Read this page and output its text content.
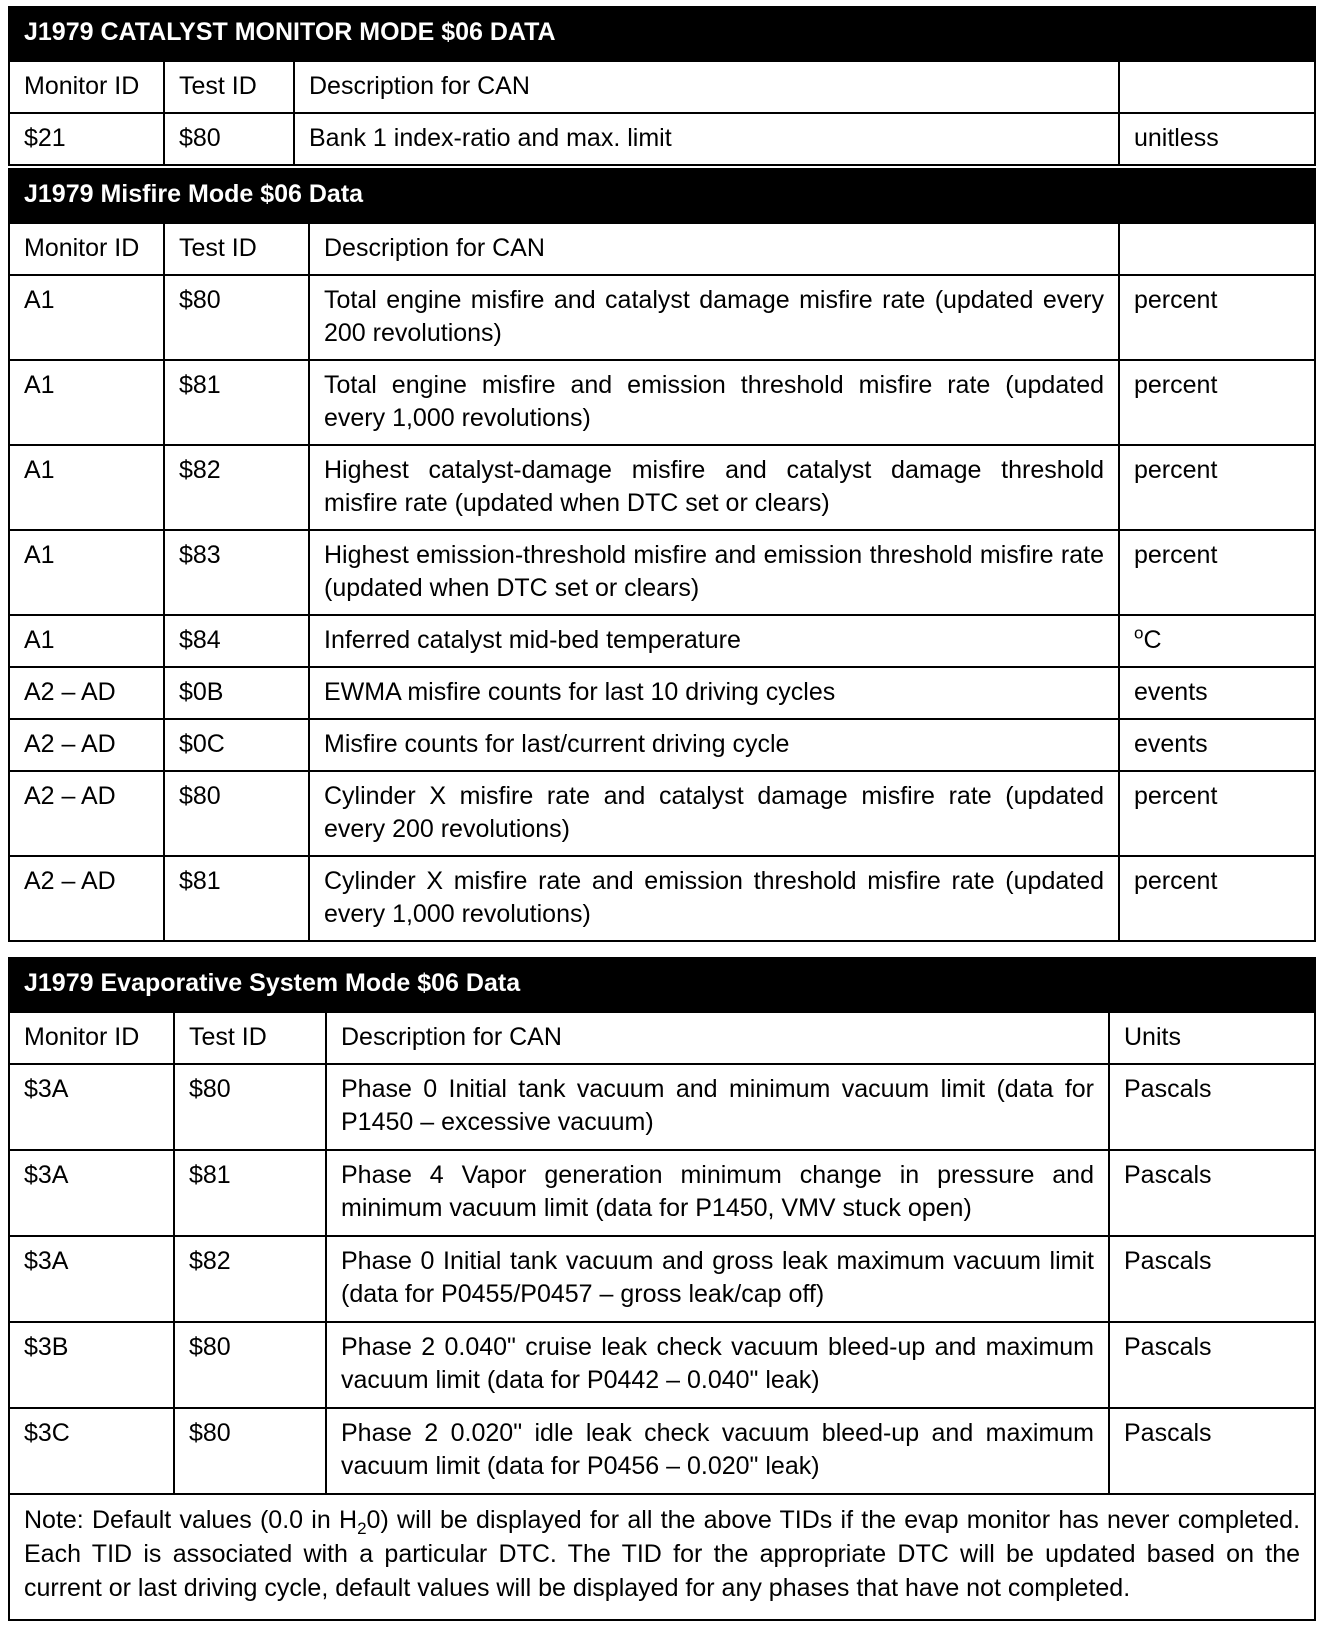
J1979 CATALYST MONITOR MODE $06 DATA			
Monitor ID	Test ID	Description for CAN	
$21	$80	Bank 1 index-ratio and max. limit	unitless
J1979 Misfire Mode $06 Data			
Monitor ID	Test ID	Description for CAN	
A1	$80	Total engine misfire and catalyst damage misfire rate (updated every 200 revolutions)	percent
A1	$81	Total engine misfire and emission threshold misfire rate (updated every 1,000 revolutions)	percent
A1	$82	Highest catalyst-damage misfire and catalyst damage threshold misfire rate (updated when DTC set or clears)	percent
A1	$83	Highest emission-threshold misfire and emission threshold misfire rate (updated when DTC set or clears)	percent
A1	$84	Inferred catalyst mid-bed temperature	$^o$C
A2 – AD	$0B	EWMA misfire counts for last 10 driving cycles	events
A2 – AD	$0C	Misfire counts for last/current driving cycle	events
A2 – AD	$80	Cylinder X misfire rate and catalyst damage misfire rate (updated every 200 revolutions)	percent
A2 – AD	$81	Cylinder X misfire rate and emission threshold misfire rate (updated every 1,000 revolutions)	percent
J1979 Evaporative System Mode $06 Data			
Monitor ID	Test ID	Description for CAN	Units
$3A	$80	Phase 0 Initial tank vacuum and minimum vacuum limit (data for P1450 – excessive vacuum)	Pascals
$3A	$81	Phase 4 Vapor generation minimum change in pressure and minimum vacuum limit (data for P1450, VMV stuck open)	Pascals
$3A	$82	Phase 0 Initial tank vacuum and gross leak maximum vacuum limit (data for P0455/P0457 – gross leak/cap off)	Pascals
$3B	$80	Phase 2 0.040" cruise leak check vacuum bleed-up and maximum vacuum limit (data for P0442 – 0.040" leak)	Pascals
$3C	$80	Phase 2 0.020" idle leak check vacuum bleed-up and maximum vacuum limit (data for P0456 – 0.020" leak)	Pascals
Note: Default values (0.0 in $H_20$) will be displayed for all the above TIDs if the evap monitor has never completed. Each TID is associated with a particular DTC. The TID for the appropriate DTC will be updated based on the current or last driving cycle, default values will be displayed for any phases that have not completed.			
